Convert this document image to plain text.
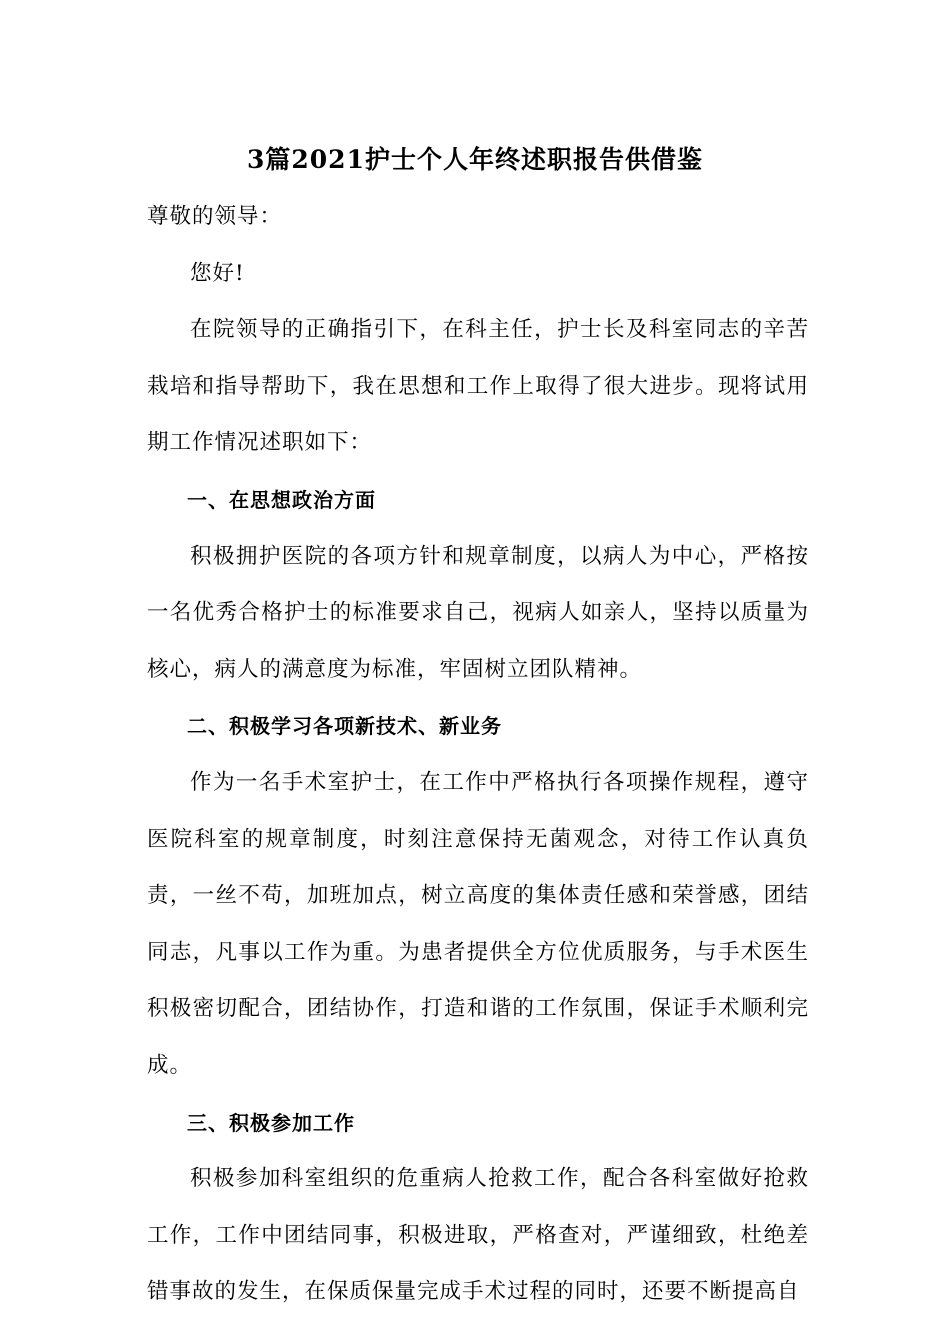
3篇2021护士个人年终述职报告供借鉴

尊敬的领导：

您好!

在院领导的正确指引下，在科主任，护士长及科室同志的辛苦栽培和指导帮助下，我在思想和工作上取得了很大进步。现将试用期工作情况述职如下：

一、在思想政治方面

积极拥护医院的各项方针和规章制度，以病人为中心，严格按一名优秀合格护士的标准要求自己，视病人如亲人，坚持以质量为核心，病人的满意度为标准，牢固树立团队精神。

二、积极学习各项新技术、新业务

作为一名手术室护士，在工作中严格执行各项操作规程，遵守医院科室的规章制度，时刻注意保持无菌观念，对待工作认真负责，一丝不苟，加班加点，树立高度的集体责任感和荣誉感，团结同志，凡事以工作为重。为患者提供全方位优质服务，与手术医生积极密切配合，团结协作，打造和谐的工作氛围，保证手术顺利完成。

三、积极参加工作

积极参加科室组织的危重病人抢救工作，配合各科室做好抢救工作，工作中团结同事，积极进取，严格查对，严谨细致，杜绝差错事故的发生，在保质保量完成手术过程的同时，还要不断提高自
